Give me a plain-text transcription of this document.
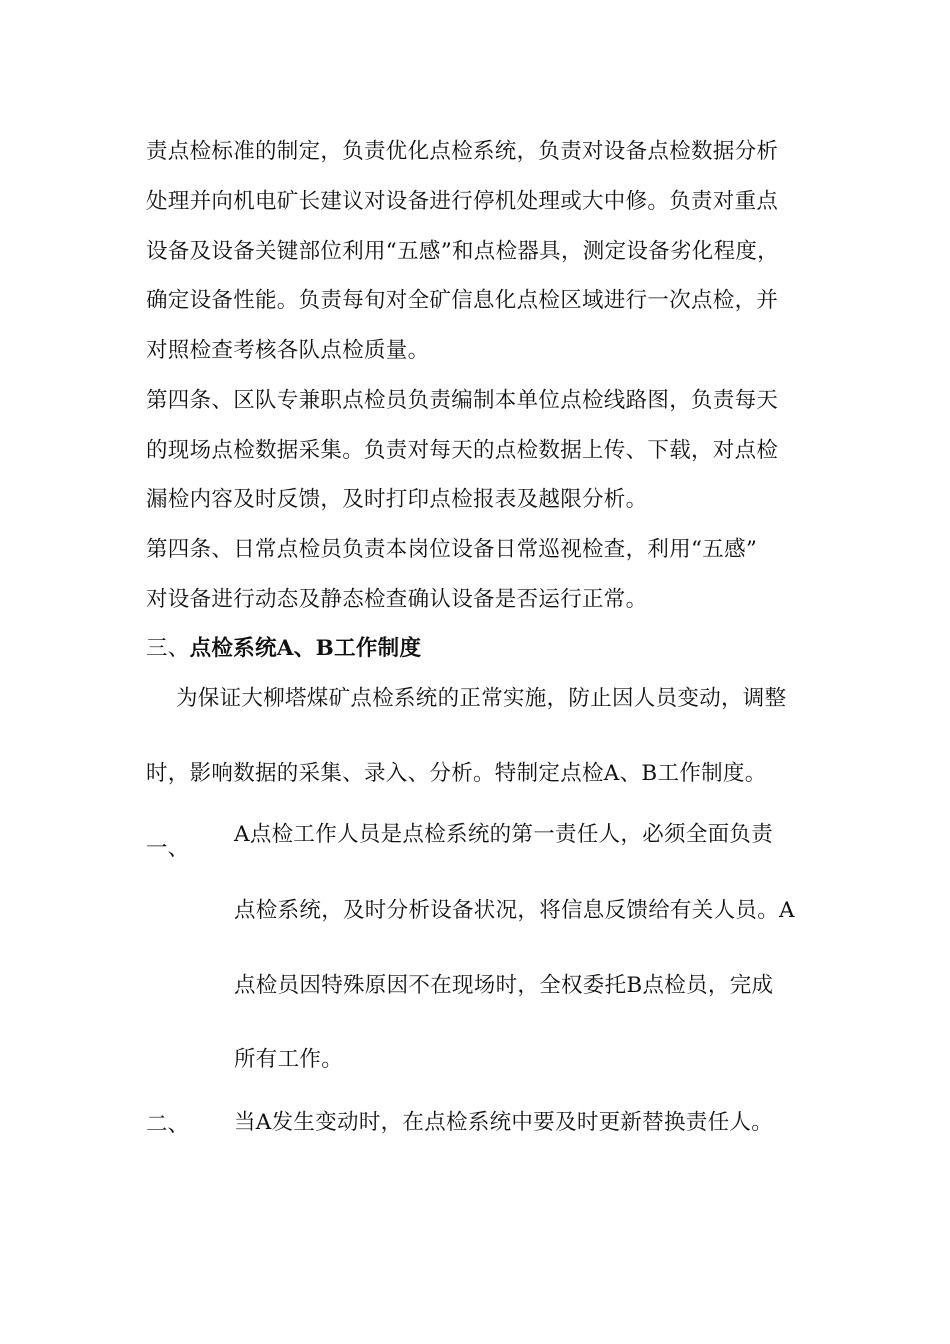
责点检标准的制定，负责优化点检系统，负责对设备点检数据分析
处理并向机电矿长建议对设备进行停机处理或大中修。负责对重点
设备及设备关键部位利用“五感”和点检器具，测定设备劣化程度，
确定设备性能。负责每旬对全矿信息化点检区域进行一次点检，并
对照检查考核各队点检质量。
第四条、区队专兼职点检员负责编制本单位点检线路图，负责每天
的现场点检数据采集。负责对每天的点检数据上传、下载，对点检
漏检内容及时反馈，及时打印点检报表及越限分析。
第四条、日常点检员负责本岗位设备日常巡视检查，利用“五感”
对设备进行动态及静态检查确认设备是否运行正常。
三、点检系统A、B工作制度
为保证大柳塔煤矿点检系统的正常实施，防止因人员变动，调整
时，影响数据的采集、录入、分析。特制定点检A、B工作制度。
一、
A点检工作人员是点检系统的第一责任人，必须全面负责
点检系统，及时分析设备状况，将信息反馈给有关人员。A
点检员因特殊原因不在现场时，全权委托B点检员，完成
所有工作。
二、 当A发生变动时，在点检系统中要及时更新替换责任人。
